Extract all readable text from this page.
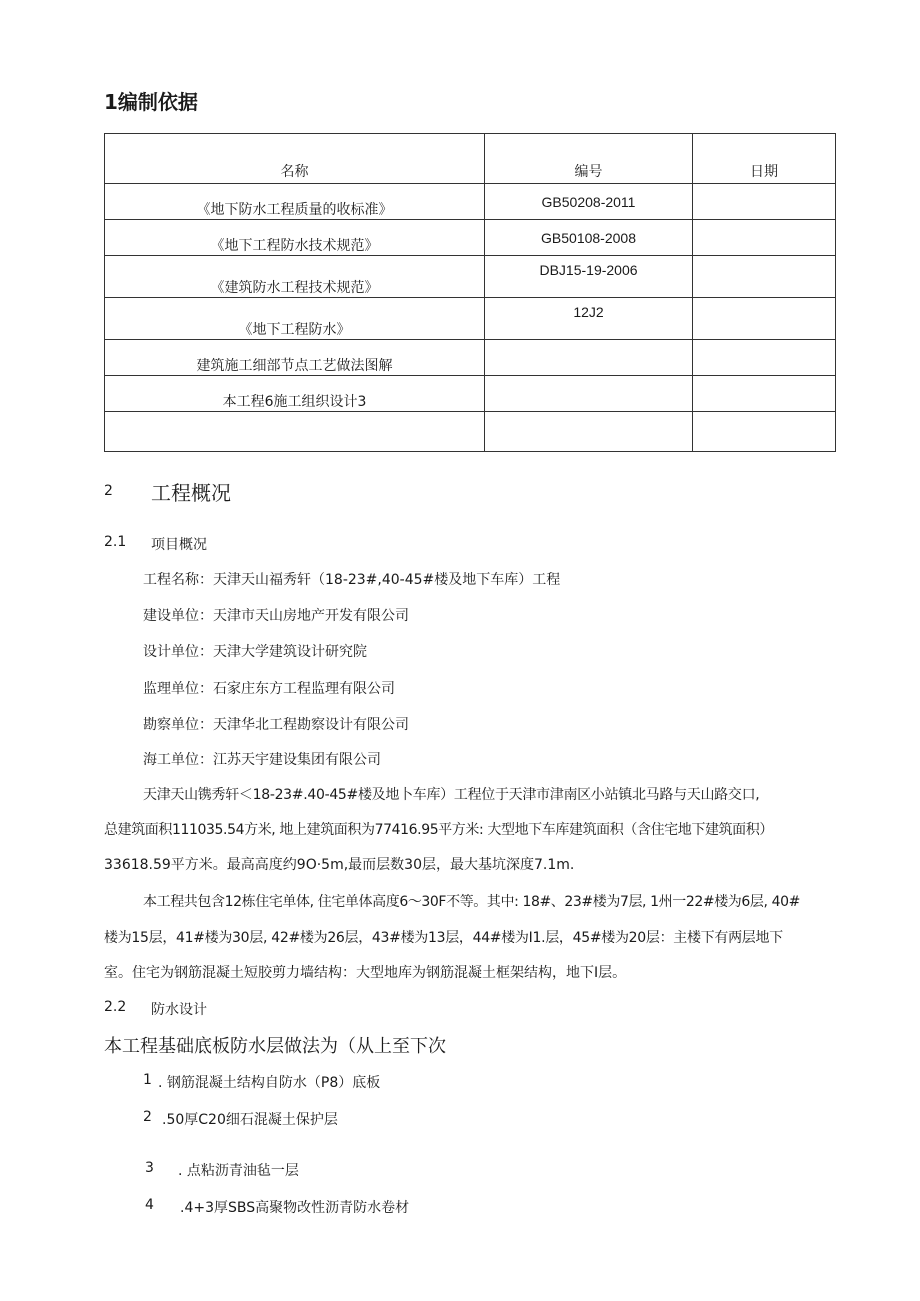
1编制依据
名称	编号	日期
《地下防水工程质量的收标准》	GB50208-2011	
《地下工程防水技术规范》	GB50108-2008	
《建筑防水工程技术规范》	DBJ15-19-2006	
《地下工程防水》	12J2	
建筑施工细部节点工艺做法图解		
本工程6施工组织设计3		

2 工程概况
2.1 项目概况
工程名称：天津天山福秀轩（18-23#,40-45#楼及地下车库）工程
建设单位：天津市天山房地产开发有限公司
设计单位：天津大学建筑设计研究院
监理单位：石家庄东方工程监理有限公司
勘察单位：天津华北工程勘察设计有限公司
海工单位：江苏天宇建设集团有限公司
天津天山镌秀轩＜18-23#.40-45#楼及地卜车库）工程位于天津市津南区小站镇北马路与天山路交口,
总建筑面积111035.54方米, 地上建筑面积为77416.95平方米: 大型地下车库建筑面积（含住宅地下建筑面积）
33618.59平方米。最高高度约9O·5m,最而层数30层，最大基坑深度7.1m.
本工程共包含12栋住宅单体, 住宅单体高度6～30F不等。其中: 18#、23#楼为7层, 1州一22#楼为6层, 40#
楼为15层，41#楼为30层, 42#楼为26层，43#楼为13层，44#楼为I1.层，45#楼为20层：主楼下有两层地下
室。住宅为钢筋混凝土短胶剪力墙结构：大型地库为钢筋混凝土框架结构，地下I层。
2.2 防水设计
本工程基础底板防水层做法为（从上至下次
1 . 钢筋混凝土结构自防水（P8）底板
2 .50厚C20细石混凝土保护层
3 . 点粘沥青油毡一层
4 .4+3厚SBS高聚物改性沥青防水卷材
